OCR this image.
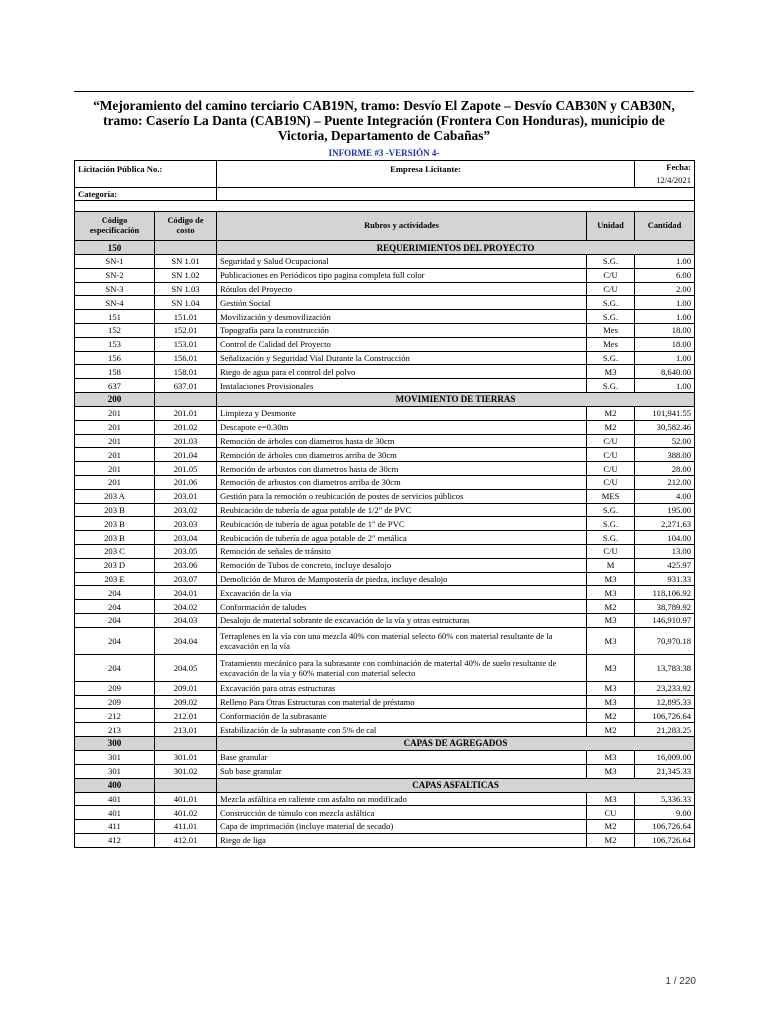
“Mejoramiento del camino terciario CAB19N, tramo: Desvío El Zapote – Desvío CAB30N y CAB30N, tramo: Caserío La Danta (CAB19N) – Puente Integración (Frontera Con Honduras), municipio de Victoria, Departamento de Cabañas”
INFORME #3 -VERSIÓN 4-
Licitación Pública No.:		Empresa Licitante:		Fecha:
12/4/2021

Categoría:				

Código especificación	Código de costo	Rubros y actividades	Unidad	Cantidad
150		REQUERIMIENTOS DEL PROYECTO		
SN-1	SN 1.01	Seguridad y Salud Ocupacional	S.G.	1.00
SN-2	SN 1.02	Publicaciones en Periódicos tipo pagina completa full color	C/U	6.00
SN-3	SN 1.03	Rótulos del Proyecto	C/U	2.00
SN-4	SN 1.04	Gestión Social	S.G.	1.00
151	151.01	Movilización y desmovilización	S.G.	1.00
152	152.01	Topografía para la construcción	Mes	18.00
153	153.01	Control de Calidad del Proyecto	Mes	18.00
156	156.01	Señalización y Seguridad Vial Durante la Construcción	S.G.	1.00
158	158.01	Riego de agua para el control del polvo	M3	8,640.00
637	637.01	Instalaciones Provisionales	S.G.	1.00
200		MOVIMIENTO DE TIERRAS		
201	201.01	Limpieza y Desmonte	M2	101,941.55
201	201.02	Descapote e=0.30m	M2	30,582.46
201	201.03	Remoción de árboles con diametros hasta de 30cm	C/U	52.00
201	201.04	Remoción de árboles con diametros arriba de 30cm	C/U	388.00
201	201.05	Remoción de arbustos con diametros hasta de 30cm	C/U	28.00
201	201.06	Remoción de arbustos con diametros arriba de 30cm	C/U	212.00
203 A	203.01	Gestión para la remoción o reubicación de postes de servicios públicos	MES	4.00
203 B	203.02	Reubicación de tubería de agua potable de 1/2" de PVC	S.G.	195.00
203 B	203.03	Reubicación de tubería de agua potable de 1" de PVC	S.G.	2,271.63
203 B	203.04	Reubicación de tubería de agua potable de 2" metálica	S.G.	104.00
203 C	203.05	Remoción de señales de tránsito	C/U	13.00
203 D	203.06	Remoción de Tubos de concreto, incluye desalojo	M	425.97
203 E	203.07	Demolición de Muros de Mampostería de piedra, incluye desalojo	M3	931.33
204	204.01	Excavación de la vía	M3	118,106.92
204	204.02	Conformación de taludes	M2	38,789.92
204	204.03	Desalojo de material sobrante de excavación de la vía y otras estructuras	M3	146,910.97
204	204.04	Terraplenes en la vía con una mezcla 40% con material selecto 60% con material resultante de la excavación en la vía	M3	70,970.18
204	204.05	Tratamiento mecánico para la subrasante con combinación de material 40% de suelo resultante de excavación de la vía y 60% material con material selecto	M3	13,783.38
209	209.01	Excavación para otras estructuras	M3	23,233.92
209	209.02	Relleno Para Otras Estructuras con material de préstamo	M3	12,895.33
212	212.01	Conformación de la subrasante	M2	106,726.64
213	213.01	Estabilización de la subrasante con 5% de cal	M2	21,283.25
300		CAPAS DE AGREGADOS		
301	301.01	Base granular	M3	16,009.00
301	301.02	Sub base granular	M3	21,345.33
400		CAPAS ASFALTICAS		
401	401.01	Mezcla asfáltica en caliente con asfalto no modificado	M3	5,336.33
401	401.02	Construcción de túmulo con mezcla asfáltica	CU	9.00
411	411.01	Capa de imprimación (incluye material de secado)	M2	106,726.64
412	412.01	Riego de liga	M2	106,726.64
1 / 220
